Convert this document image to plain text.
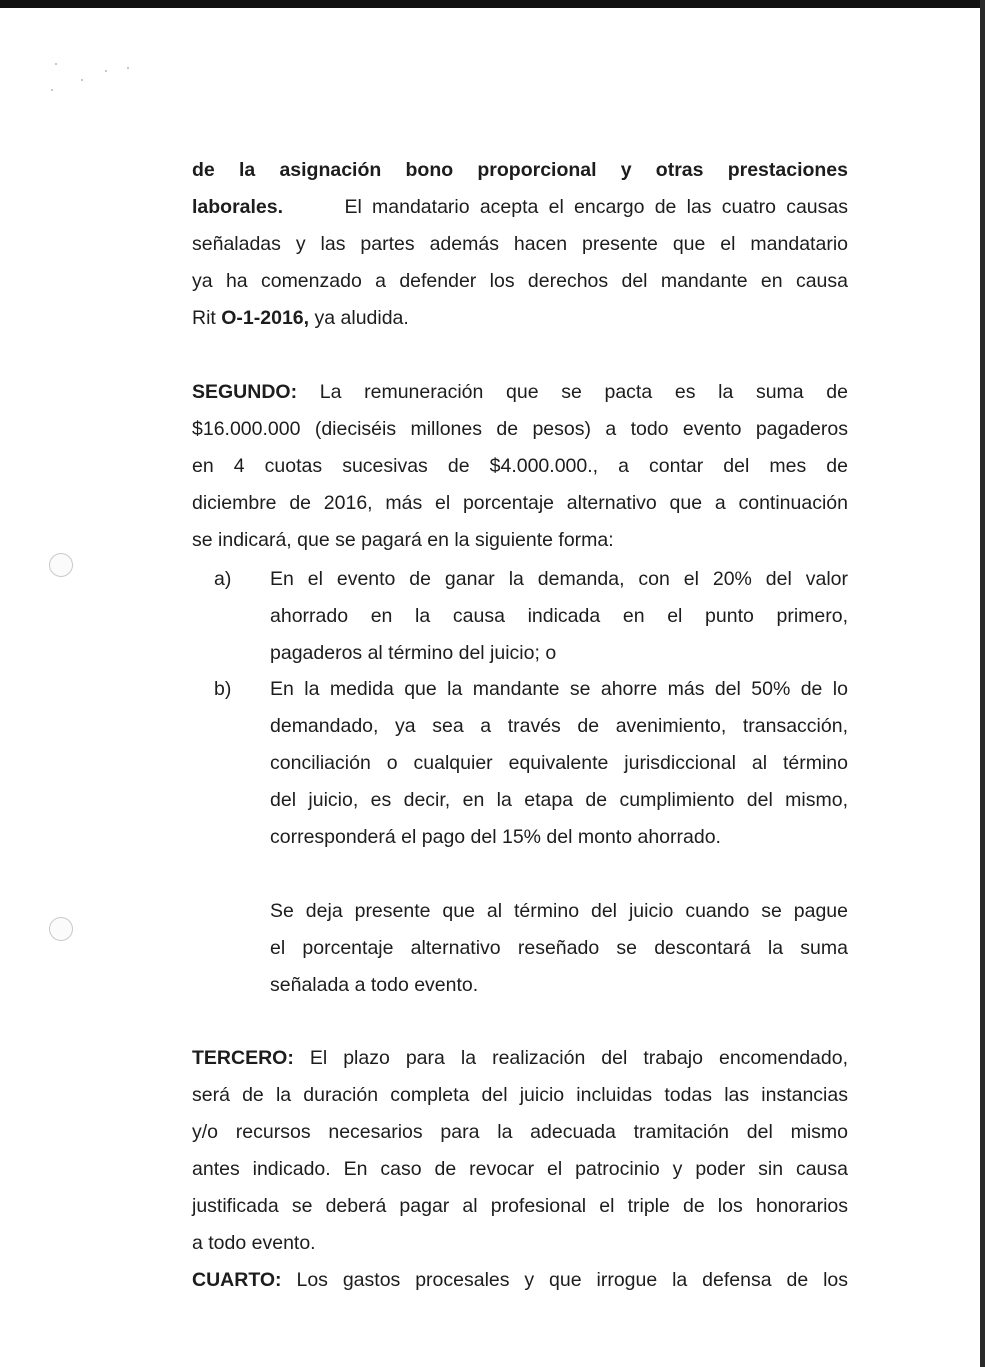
de la asignación bono proporcional y otras prestaciones
laborales.	El mandatario acepta el encargo de las cuatro causas
señaladas y las partes además hacen presente que el mandatario
ya ha comenzado a defender los derechos del mandante en causa
Rit O-1-2016, ya aludida.
SEGUNDO: La remuneración que se pacta es la suma de
$16.000.000 (dieciséis millones de pesos) a todo evento pagaderos
en 4 cuotas sucesivas de $4.000.000., a contar del mes de
diciembre de 2016, más el porcentaje alternativo que a continuación
se indicará, que se pagará en la siguiente forma:
a) En el evento de ganar la demanda, con el 20% del valor
ahorrado en la causa indicada en el punto primero,
pagaderos al término del juicio; o
b) En la medida que la mandante se ahorre más del 50% de lo
demandado, ya sea a través de avenimiento, transacción,
conciliación o cualquier equivalente jurisdiccional al término
del juicio, es decir, en la etapa de cumplimiento del mismo,
corresponderá el pago del 15% del monto ahorrado.
Se deja presente que al término del juicio cuando se pague
el porcentaje alternativo reseñado se descontará la suma
señalada a todo evento.
TERCERO: El plazo para la realización del trabajo encomendado,
será de la duración completa del juicio incluidas todas las instancias
y/o recursos necesarios para la adecuada tramitación del mismo
antes indicado. En caso de revocar el patrocinio y poder sin causa
justificada se deberá pagar al profesional el triple de los honorarios
a todo evento.
CUARTO: Los gastos procesales y que irrogue la defensa de los
